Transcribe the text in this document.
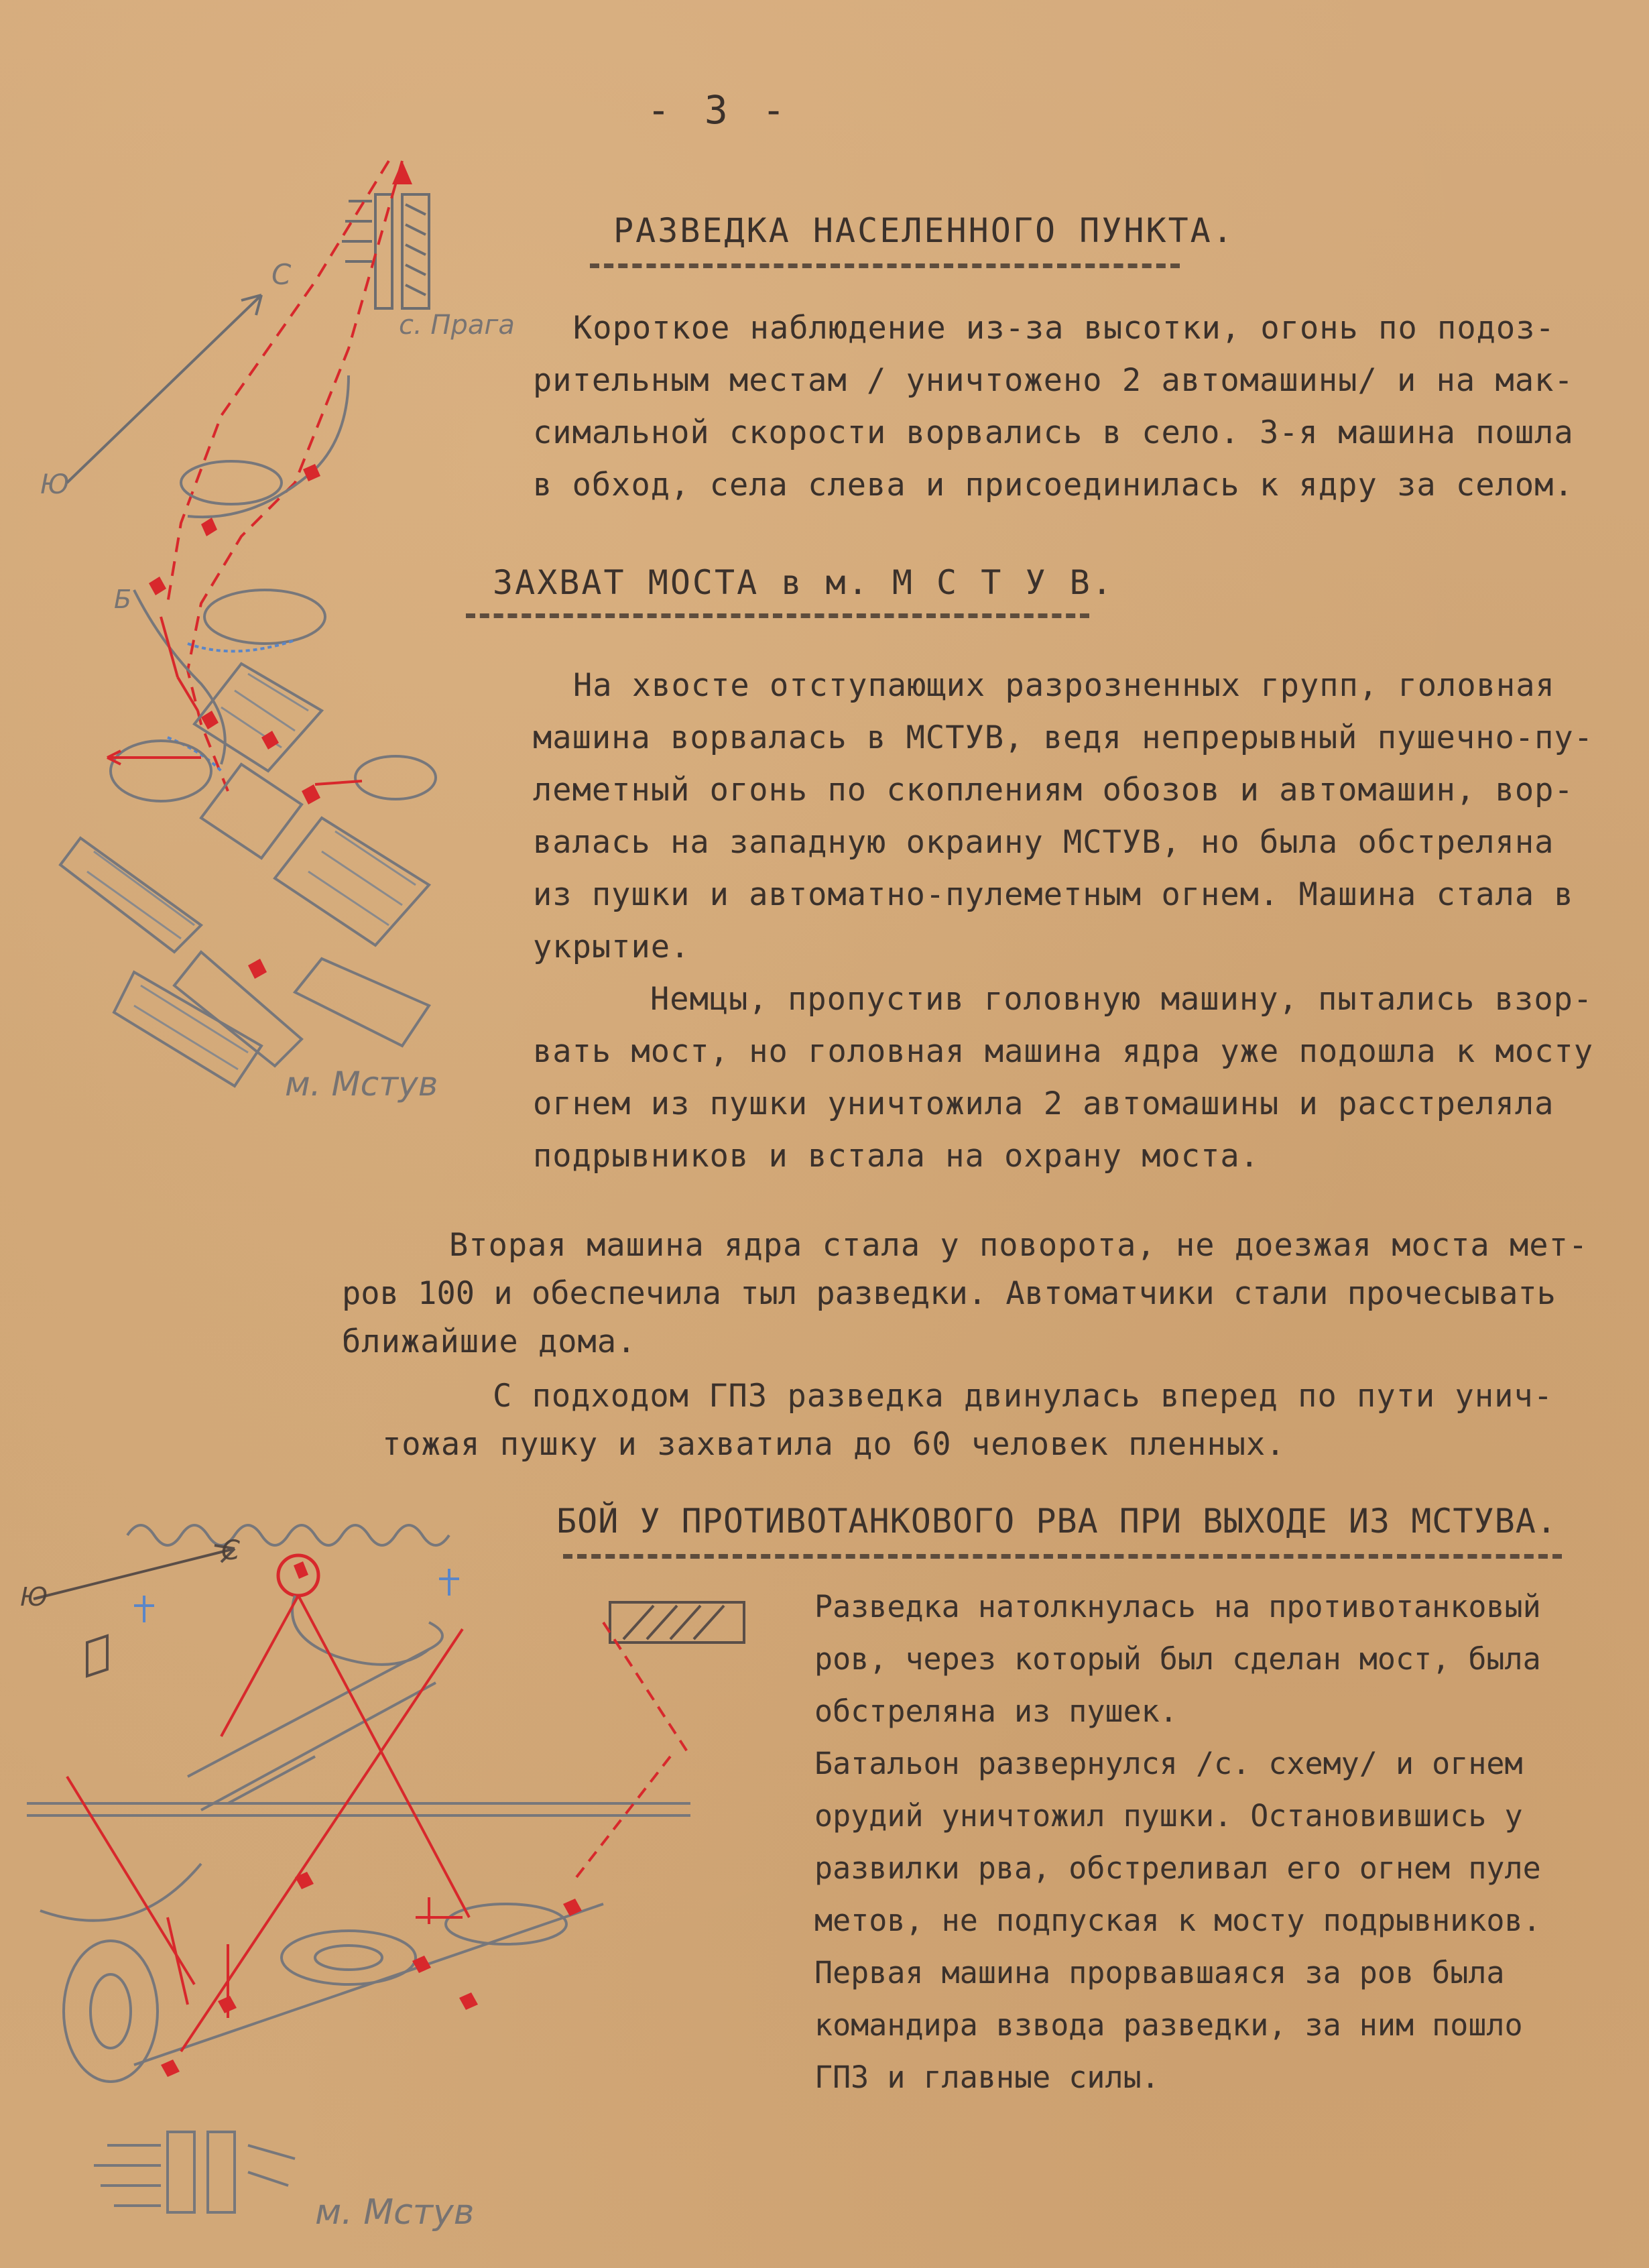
- 3 -
РАЗВЕДКА НАСЕЛЕННОГО ПУНКТА.
Короткое наблюдение из-за высотки, огонь по подоз-
рительным местам / уничтожено 2 автомашины/ и на мак-
симальной скорости ворвались в село. 3-я машина пошла
в обход, села слева и присоединилась к ядру за селом.
ЗАХВАТ МОСТА в м. М С Т У В.
На хвосте отступающих разрозненных групп, головная
машина ворвалась в МСТУВ, ведя непрерывный пушечно-пу-
леметный огонь по скоплениям обозов и автомашин, вор-
валась на западную окраину МСТУВ, но была обстреляна
из пушки и автоматно-пулеметным огнем. Машина стала в
укрытие.
Немцы, пропустив головную машину, пытались взор-
вать мост, но головная машина ядра уже подошла к мосту
огнем из пушки уничтожила 2 автомашины и расстреляла
подрывников и встала на охрану моста.
Вторая машина ядра стала у поворота, не доезжая моста мет-
ров 100 и обеспечила тыл разведки. Автоматчики стали прочесывать
ближайшие дома.
С подходом ГПЗ разведка двинулась вперед по пути унич-
тожая пушку и захватила до 60 человек пленных.
БОЙ У ПРОТИВОТАНКОВОГО РВА ПРИ ВЫХОДЕ ИЗ МСТУВА.
Разведка натолкнулась на противотанковый
ров, через который был сделан мост, была
обстреляна из пушек.
Батальон развернулся /с. схему/ и огнем
орудий уничтожил пушки. Остановившись у
развилки рва, обстреливал его огнем пуле
метов, не подпуская к мосту подрывников.
Первая машина прорвавшаяся за ров была
командира взвода разведки, за ним пошло
ГПЗ и главные силы.
С
Ю
с. Прага
Б
м. Мстув
С
Ю
м. Мстув
